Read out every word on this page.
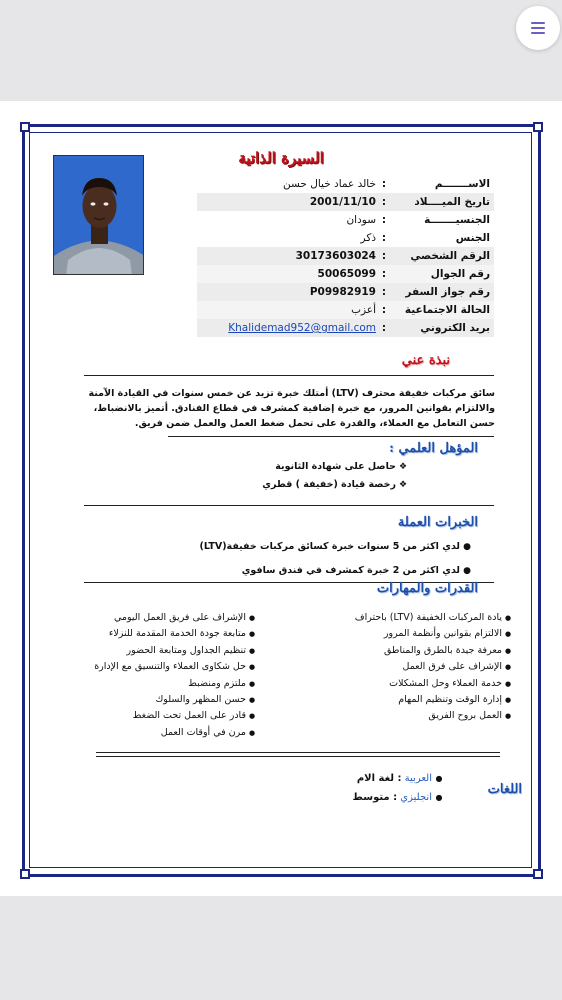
السيرة الذاتية
الاســـــــم	:	خالد عماد خيال حسن
تاريخ الميــــلاد	:	2001/11/10
الجنسيـــــــة	:	سودان
الجنس	:	ذكر
الرقم الشخصي	:	30173603024
رقم الجوال	:	50065099
رقم جواز السفر	:	P09982919
الحالة الاجتماعية	:	أعزب
بريد الكتروني	:	Khalidemad952@gmail.com
نبذة عني
سائق مركبات خفيفة محترف (LTV) أمتلك خبرة تزيد عن خمس سنوات في القيادة الآمنة والالتزام بقوانين المرور، مع خبرة إضافية كمشرف في قطاع الفنادق. أتميز بالانضباط، حسن التعامل مع العملاء، والقدرة على تحمل ضغط العمل والعمل ضمن فريق.
المؤهل العلمي :
❖حاصل على شهادة الثانوية
❖رخصة قيادة (خفيفة ) قطري
الخبرات العملة
●لدي اكثر من 5 سنوات خبرة كسائق مركبات خفيفة(LTV)
●لدي اكثر من 2 خبرة كمشرف في فندق سافوي
القدرات والمهارات
●يادة المركبات الخفيفة (LTV) باحتراف
●الالتزام بقوانين وأنظمة المرور
●معرفة جيدة بالطرق والمناطق
●الإشراف على فرق العمل
●خدمة العملاء وحل المشكلات
●إدارة الوقت وتنظيم المهام
●العمل بروح الفريق
●الإشراف على فريق العمل اليومي
●متابعة جودة الخدمة المقدمة للنزلاء
●تنظيم الجداول ومتابعة الحضور
●حل شكاوى العملاء والتنسيق مع الإدارة
●ملتزم ومنضبط
●حسن المظهر والسلوك
●قادر على العمل تحت الضغط
●مرن في أوقات العمل
اللغات
●العربية : لغة الام
●انجليزي : متوسط
